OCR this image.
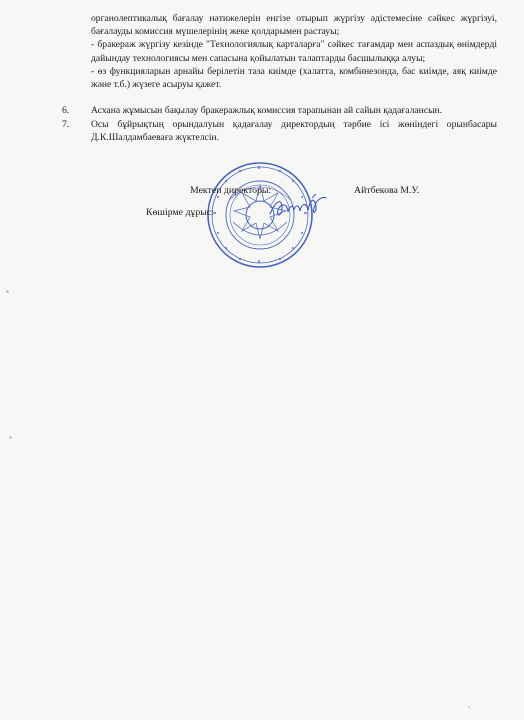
органолептикалық бағалау нәтижелерін енгізе отырып жүргізу әдістемесіне сәйкес жүргізуі, бағалауды комиссия мүшелерінің жеке қолдарымен растауы;

- бракераж жүргізу кезінде "Технологиялық карталарға" сәйкес тағамдар мен аспаздық өнімдерді дайындау технологиясы мен сапасына қойылатын талаптарды басшылыққа алуы;

- өз функцияларын арнайы берілетін таза киімде (халатта, комбинезонда, бас киімде, аяқ киімде және т.б.) жүзеге асыруы қажет.

6. Асхана жұмысын бақылау бракеражлық комиссия тарапынан ай сайын қадағалансын.
7. Осы бұйрықтың орындалуын қадағалау директордың тәрбие ісі жөніндегі орынбасары Д.К.Шалдамбаеваға жүктелсін.
Мектеп директоры:	Айтбекова М.У.
Көшірме дұрыс:
